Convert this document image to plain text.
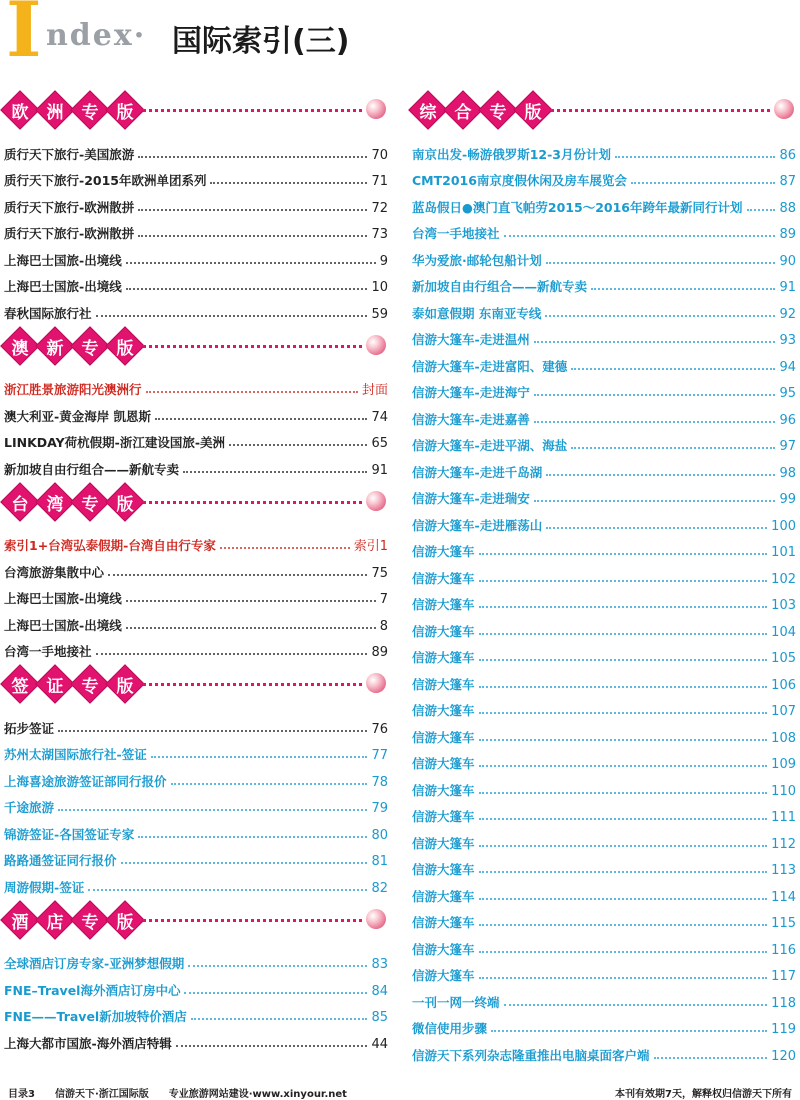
I ndex· 国际索引(三)
欧 洲 专 版
质行天下旅行-美国旅游	70
质行天下旅行-2015年欧洲单团系列	71
质行天下旅行-欧洲散拼	72
质行天下旅行-欧洲散拼	73
上海巴士国旅-出境线	9
上海巴士国旅-出境线	10
春秋国际旅行社	59
澳 新 专 版
浙江胜景旅游阳光澳洲行	封面
澳大利亚-黄金海岸 凯恩斯	74
LINKDAY荷杭假期-浙江建设国旅-美洲	65
新加坡自由行组合——新航专卖	91
台 湾 专 版
索引1+台湾弘泰假期-台湾自由行专家	索引1
台湾旅游集散中心	75
上海巴士国旅-出境线	7
上海巴士国旅-出境线	8
台湾一手地接社	89
签 证 专 版
拓步签证	76
苏州太湖国际旅行社-签证	77
上海喜途旅游签证部同行报价	78
千途旅游	79
锦游签证-各国签证专家	80
路路通签证同行报价	81
周游假期-签证	82
酒 店 专 版
全球酒店订房专家-亚洲梦想假期	83
FNE–Travel海外酒店订房中心	84
FNE——Travel新加坡特价酒店	85
上海大都市国旅-海外酒店特辑	44
综 合 专 版
南京出发-畅游俄罗斯12-3月份计划	86
CMT2016南京度假休闲及房车展览会	87
蓝岛假日●澳门直飞帕劳2015～2016年跨年最新同行计划	88
台湾一手地接社	89
华为爱旅·邮轮包船计划	90
新加坡自由行组合——新航专卖	91
泰如意假期 东南亚专线	92
信游大篷车-走进温州	93
信游大篷车-走进富阳、建德	94
信游大篷车-走进海宁	95
信游大篷车-走进嘉善	96
信游大篷车-走进平湖、海盐	97
信游大篷车-走进千岛湖	98
信游大篷车-走进瑞安	99
信游大篷车-走进雁荡山	100
信游大篷车	101
信游大篷车	102
信游大篷车	103
信游大篷车	104
信游大篷车	105
信游大篷车	106
信游大篷车	107
信游大篷车	108
信游大篷车	109
信游大篷车	110
信游大篷车	111
信游大篷车	112
信游大篷车	113
信游大篷车	114
信游大篷车	115
信游大篷车	116
信游大篷车	117
一刊一网一终端	118
微信使用步骤	119
信游天下系列杂志隆重推出电脑桌面客户端	120
目录3　　信游天下·浙江国际版　　专业旅游网站建设·www.xinyour.net	本刊有效期7天，解释权归信游天下所有
